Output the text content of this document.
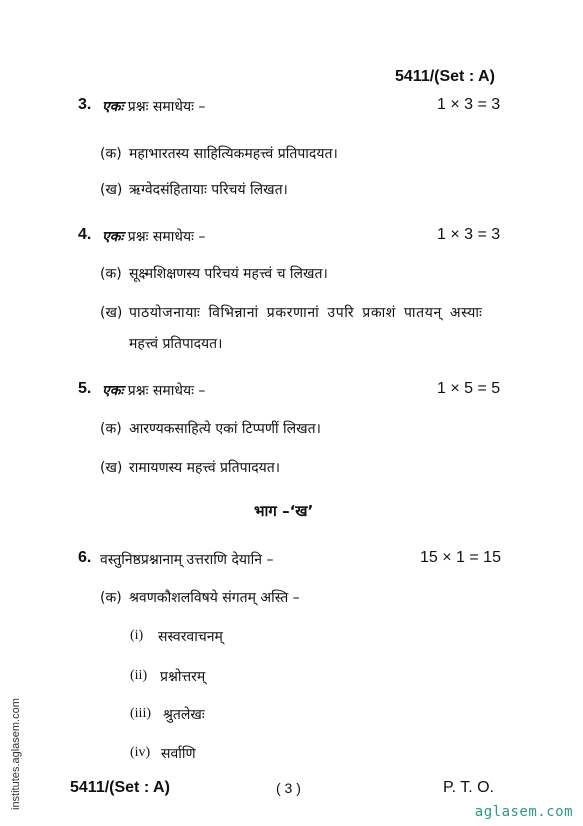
5411/(Set : A)
3. एकः प्रश्नः समाधेयः –	1 × 3 = 3
(क) महाभारतस्य साहित्यिकमहत्त्वं प्रतिपादयत।
(ख) ऋग्वेदसंहितायाः परिचयं लिखत।
4. एकः प्रश्नः समाधेयः –	1 × 3 = 3
(क) सूक्ष्मशिक्षणस्य परिचयं महत्त्वं च लिखत।
(ख) पाठयोजनायाः विभिन्नानां प्रकरणानां उपरि प्रकाशं पातयन् अस्याः
महत्त्वं प्रतिपादयत।
5. एकः प्रश्नः समाधेयः –	1 × 5 = 5
(क) आरण्यकसाहित्ये एकां टिप्पणीं लिखत।
(ख) रामायणस्य महत्त्वं प्रतिपादयत।
भाग –‘ख’
6. वस्तुनिष्ठप्रश्नानाम् उत्तराणि देयानि –	15 × 1 = 15
(क) श्रवणकौशलविषये संगतम् अस्ति –
(i) सस्वरवाचनम्
(ii) प्रश्नोत्तरम्
(iii) श्रुतलेखः
(iv) सर्वाणि
5411/(Set : A)	( 3 )	P. T. O.
institutes.aglasem.com
aglasem.com
